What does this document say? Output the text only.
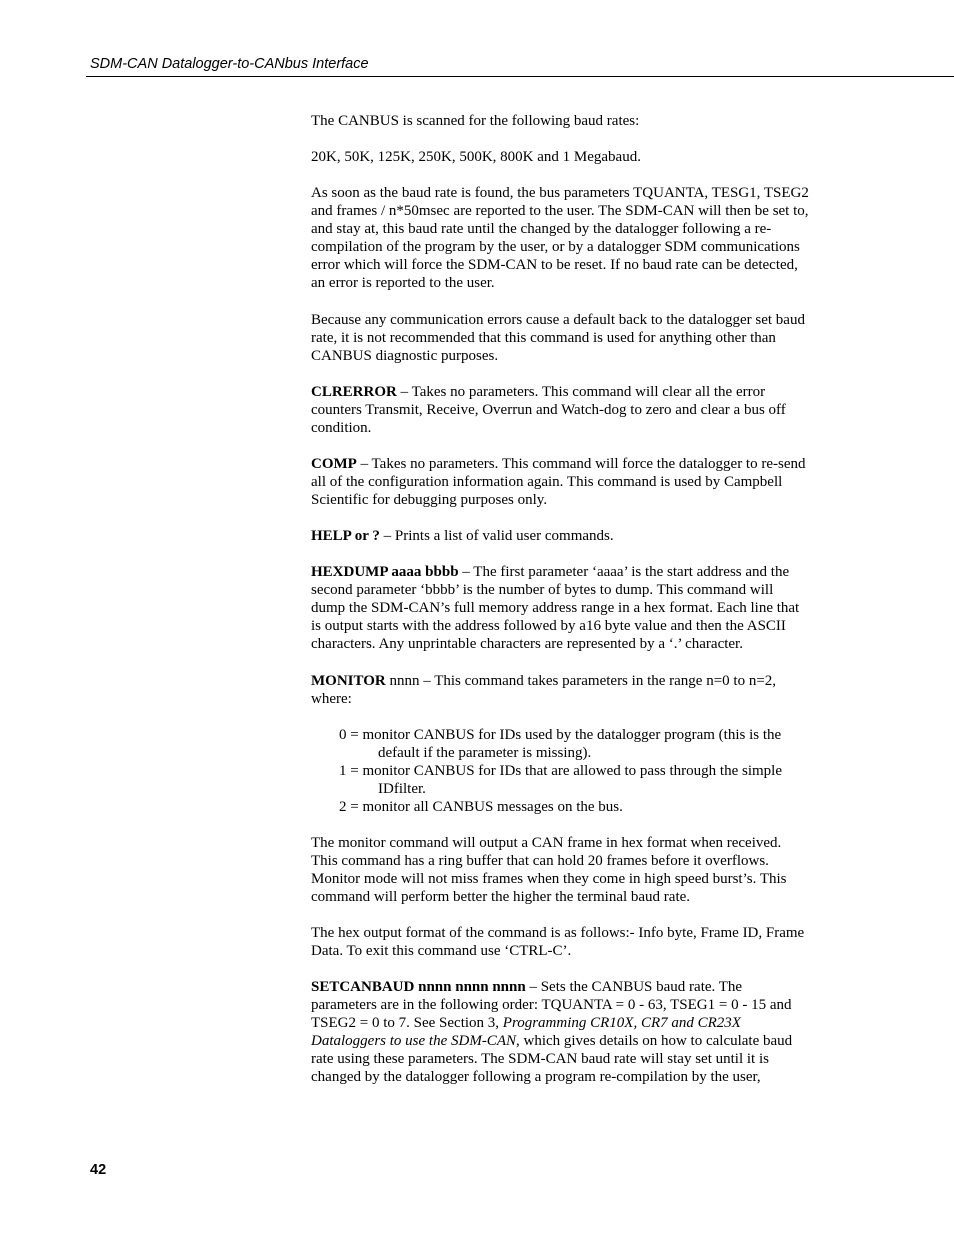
SDM-CAN Datalogger-to-CANbus Interface

The CANBUS is scanned for the following baud rates:

20K, 50K, 125K, 250K, 500K, 800K and 1 Megabaud.

As soon as the baud rate is found, the bus parameters TQUANTA, TESG1, TSEG2 and frames / n*50msec are reported to the user. The SDM-CAN will then be set to, and stay at, this baud rate until the changed by the datalogger following a re-compilation of the program by the user, or by a datalogger SDM communications error which will force the SDM-CAN to be reset. If no baud rate can be detected, an error is reported to the user.

Because any communication errors cause a default back to the datalogger set baud rate, it is not recommended that this command is used for anything other than CANBUS diagnostic purposes.

CLRERROR – Takes no parameters. This command will clear all the error counters Transmit, Receive, Overrun and Watch-dog to zero and clear a bus off condition.

COMP – Takes no parameters. This command will force the datalogger to re-send all of the configuration information again. This command is used by Campbell Scientific for debugging purposes only.

HELP or ? – Prints a list of valid user commands.

HEXDUMP aaaa bbbb – The first parameter ‘aaaa’ is the start address and the second parameter ‘bbbb’ is the number of bytes to dump. This command will dump the SDM-CAN’s full memory address range in a hex format. Each line that is output starts with the address followed by a16 byte value and then the ASCII characters. Any unprintable characters are represented by a ‘.’ character.

MONITOR nnnn – This command takes parameters in the range n=0 to n=2, where:

0 = monitor CANBUS for IDs used by the datalogger program (this is the default if the parameter is missing).
1 = monitor CANBUS for IDs that are allowed to pass through the simple IDfilter.
2 = monitor all CANBUS messages on the bus.

The monitor command will output a CAN frame in hex format when received. This command has a ring buffer that can hold 20 frames before it overflows. Monitor mode will not miss frames when they come in high speed burst’s. This command will perform better the higher the terminal baud rate.

The hex output format of the command is as follows:- Info byte, Frame ID, Frame Data. To exit this command use ‘CTRL-C’.

SETCANBAUD nnnn nnnn nnnn – Sets the CANBUS baud rate. The parameters are in the following order: TQUANTA = 0 - 63, TSEG1 = 0 - 15 and TSEG2 = 0 to 7. See Section 3, Programming CR10X, CR7 and CR23X Dataloggers to use the SDM-CAN, which gives details on how to calculate baud rate using these parameters. The SDM-CAN baud rate will stay set until it is changed by the datalogger following a program re-compilation by the user,

42
